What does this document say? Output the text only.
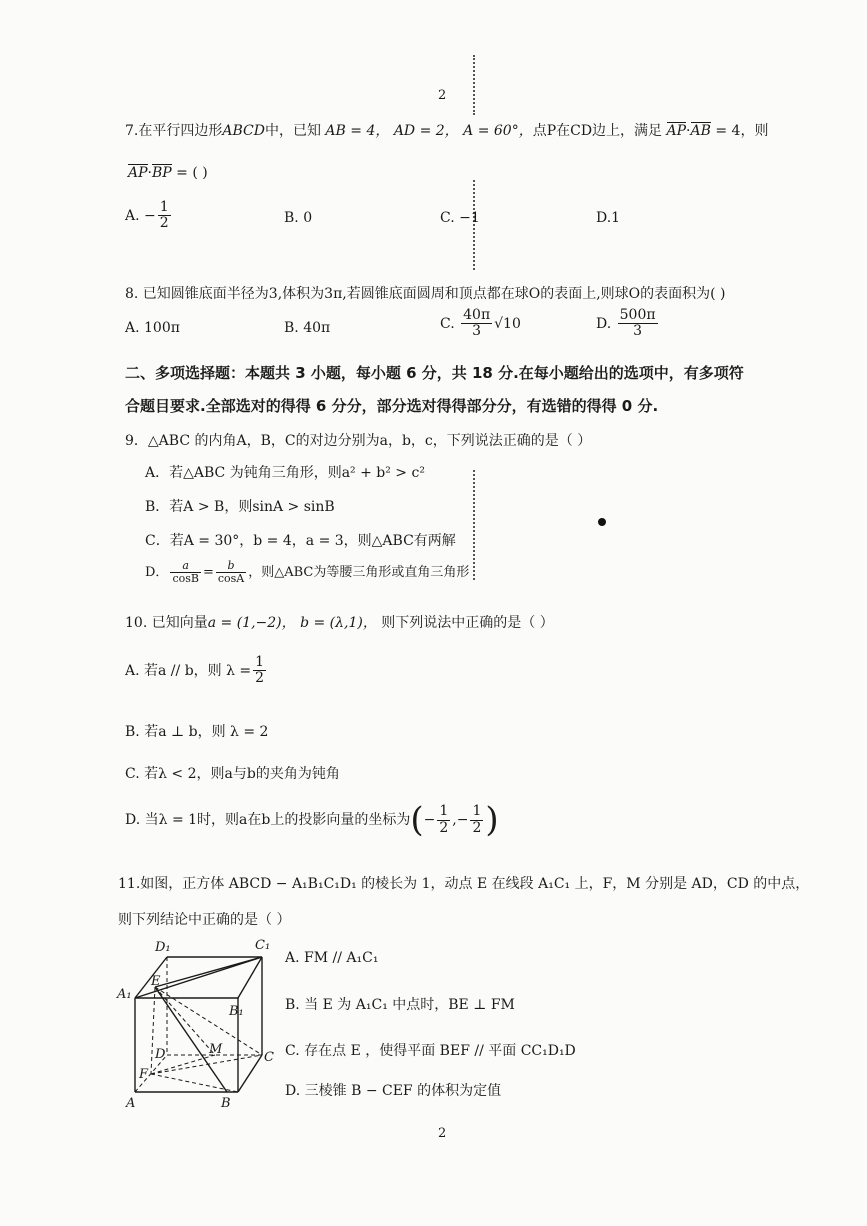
2
7.在平行四边形ABCD中，已知 AB = 4， AD = 2， A = 60°，点P在CD边上，满足 AP·AB = 4，则
AP·BP = ( )
A. − $\frac{1}{2}$	B. 0	C. −1	D.1
8. 已知圆锥底面半径为3,体积为3π,若圆锥底面圆周和顶点都在球O的表面上,则球O的表面积为( )
A. 100π	B. 40π	C. $\frac{40\pi}{3} √10$	D. $\frac{500\pi}{3}$
二、多项选择题：本题共 3 小题，每小题 6 分，共 18 分.在每小题给出的选项中，有多项符
合题目要求.全部选对的得得 6 分分，部分选对得得部分分，有选错的得得 0 分.
9．△ABC 的内角A，B，C的对边分别为a，b，c，下列说法正确的是（ ）
A．若△ABC 为钝角三角形，则a² + b² > c²
B．若A > B，则sinA > sinB
C．若A = 30°，b = 4，a = 3，则△ABC有两解
D． $\frac{a}{\cos B} = \frac{b}{\cos A}$ ，则△ABC为等腰三角形或直角三角形
10. 已知向量a = (1,−2)， b = (λ,1)， 则下列说法中正确的是（ ）
A. 若a // b，则 $\lambda = \frac{1}{2}$
B. 若a ⊥ b，则 λ = 2
C. 若λ < 2，则a与b的夹角为钝角
D. 当λ = 1时，则a在b上的投影向量的坐标为(− $\frac{1}{2}$ ,− $\frac{1}{2}$ )
11.如图，正方体 ABCD − A₁B₁C₁D₁ 的棱长为 1，动点 E 在线段 A₁C₁ 上，F，M 分别是 AD，CD 的中点，
则下列结论中正确的是（ ）
D₁	C₁
A₁
E
B₁
D	M
C
F
A	B
A. FM // A₁C₁
B. 当 E 为 A₁C₁ 中点时，BE ⊥ FM
C. 存在点 E ，使得平面 BEF // 平面 CC₁D₁D
D. 三棱锥 B − CEF 的体积为定值
2
